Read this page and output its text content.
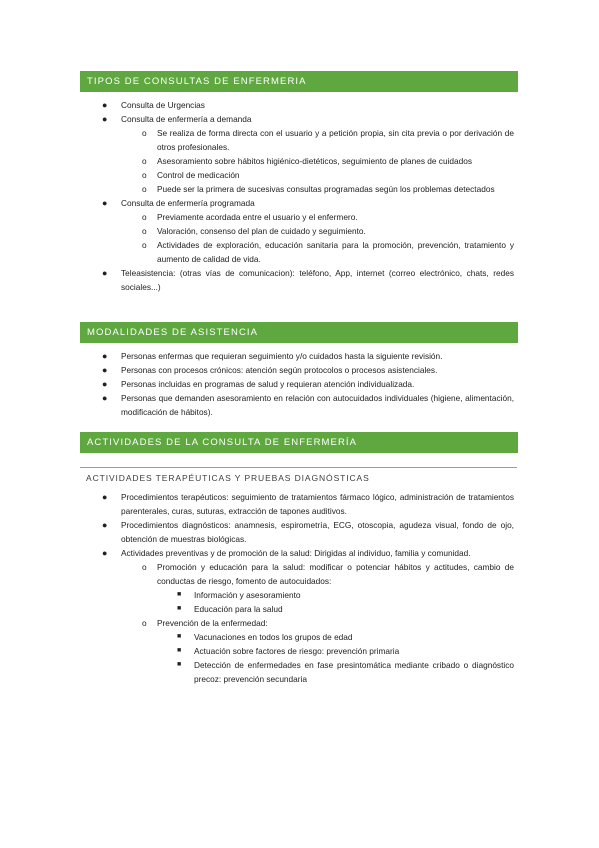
TIPOS DE CONSULTAS DE ENFERMERIA
● Consulta de Urgencias
● Consulta de enfermería a demanda
o Se realiza de forma directa con el usuario y a petición propia, sin cita previa o por derivación de otros profesionales.
o Asesoramiento sobre hábitos higiénico-dietéticos, seguimiento de planes de cuidados
o Control de medicación
o Puede ser la primera de sucesivas consultas programadas según los problemas detectados
● Consulta de enfermería programada
o Previamente acordada entre el usuario y el enfermero.
o Valoración, consenso del plan de cuidado y seguimiento.
o Actividades de exploración, educación sanitaria para la promoción, prevención, tratamiento y aumento de calidad de vida.
● Teleasistencia: (otras vías de comunicacion): teléfono, App, internet (correo electrónico, chats, redes sociales...)
MODALIDADES DE ASISTENCIA
● Personas enfermas que requieran seguimiento y/o cuidados hasta la siguiente revisión.
● Personas con procesos crónicos: atención según protocolos o procesos asistenciales.
● Personas incluidas en programas de salud y requieran atención individualizada.
● Personas que demanden asesoramiento en relación con autocuidados individuales (higiene, alimentación, modificación de hábitos).
ACTIVIDADES DE LA CONSULTA DE ENFERMERÍA
ACTIVIDADES TERAPÉUTICAS Y PRUEBAS DIAGNÓSTICAS
● Procedimientos terapéuticos: seguimiento de tratamientos fármaco lógico, administración de tratamientos parenterales, curas, suturas, extracción de tapones auditivos.
● Procedimientos diagnósticos: anamnesis, espirometría, ECG, otoscopia, agudeza visual, fondo de ojo, obtención de muestras biológicas.
● Actividades preventivas y de promoción de la salud: Dirigidas al individuo, familia y comunidad.
o Promoción y educación para la salud: modificar o potenciar hábitos y actitudes, cambio de conductas de riesgo, fomento de autocuidados:
■ Información y asesoramiento
■ Educación para la salud
o Prevención de la enfermedad:
■ Vacunaciones en todos los grupos de edad
■ Actuación sobre factores de riesgo: prevención primaria
■ Detección de enfermedades en fase presintomática mediante cribado o diagnóstico precoz: prevención secundaria
